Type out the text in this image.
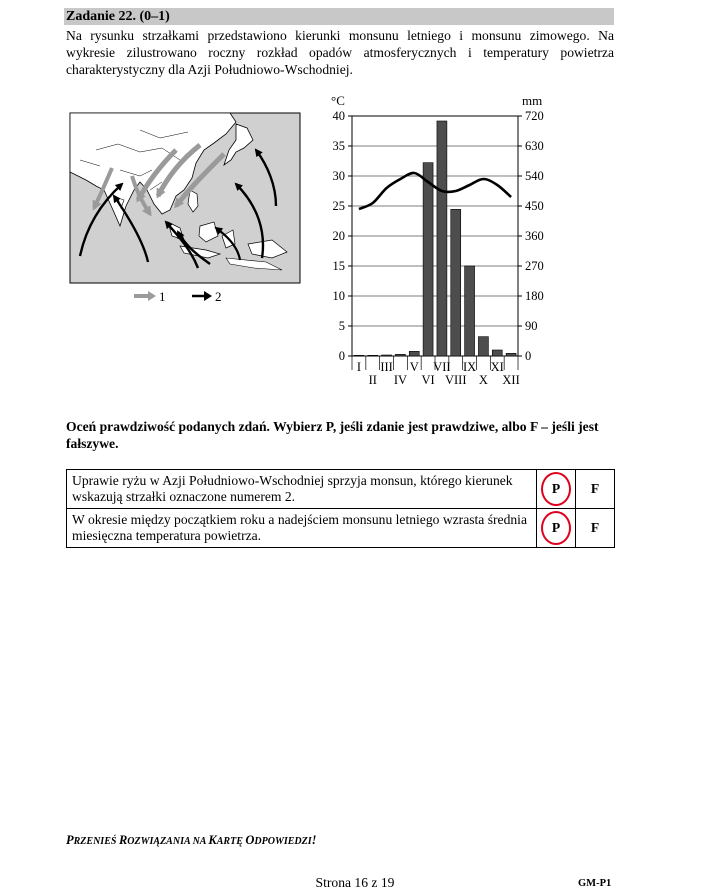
Zadanie 22. (0–1)
Na rysunku strzałkami przedstawiono kierunki monsunu letniego i monsunu zimowego. Na wykresie zilustrowano roczny rozkład opadów atmosferycznych i temperatury powietrza charakterystyczny dla Azji Południowo-Wschodniej.
1	2
0
5
10
15
20
25
30
35
40
0
90
180
270
360
450
540
630
720
I
II
III
IV
V
VI
VII
VIII
IX
X
XI
XII
°C	mm
Oceń prawdziwość podanych zdań. Wybierz P, jeśli zdanie jest prawdziwe, albo F – jeśli jest fałszywe.
Uprawie ryżu w Azji Południowo-Wschodniej sprzyja monsun, którego kierunek wskazują strzałki oznaczone numerem 2.	P	F
W okresie między początkiem roku a nadejściem monsunu letniego wzrasta średnia miesięczna temperatura powietrza.	P	F
PRZENIEŚ ROZWIĄZANIA NA KARTĘ ODPOWIEDZI!
Strona 16 z 19	GM-P1
